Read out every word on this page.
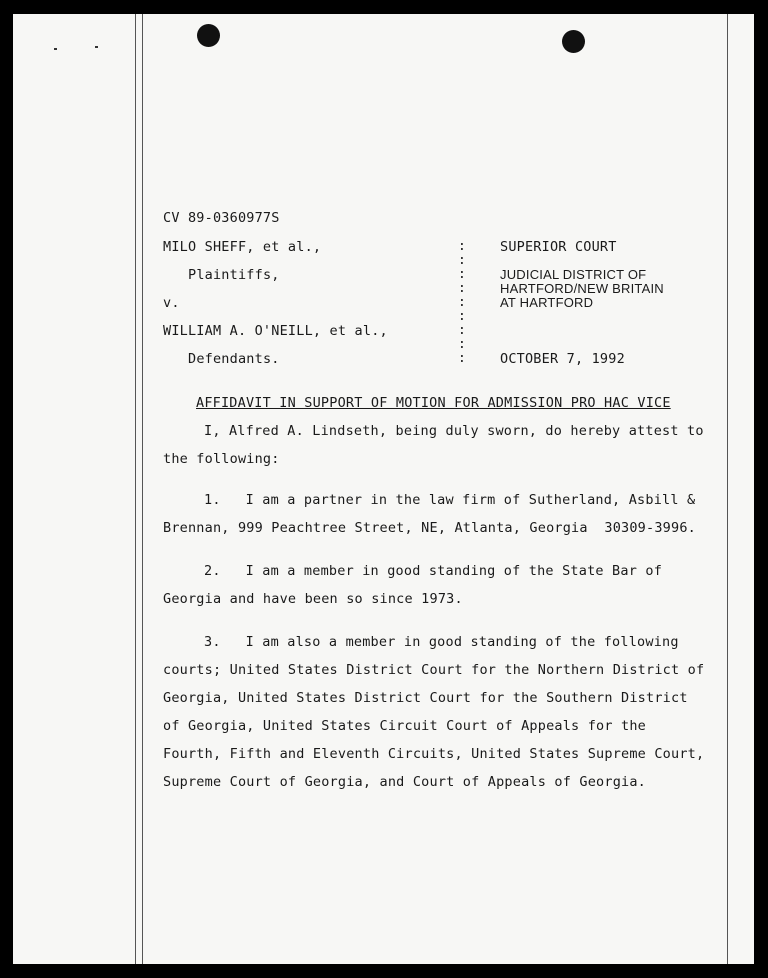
CV 89-0360977S
MILO SHEFF, et al.,
Plaintiffs,
v.
WILLIAM A. O'NEILL, et al.,
Defendants.
:
:
:
:
:
:
:
:
:
SUPERIOR COURT
JUDICIAL DISTRICT OF
HARTFORD/NEW BRITAIN
AT HARTFORD
OCTOBER 7, 1992
AFFIDAVIT IN SUPPORT OF MOTION FOR ADMISSION PRO HAC VICE
I, Alfred A. Lindseth, being duly sworn, do hereby attest to
the following:
1.   I am a partner in the law firm of Sutherland, Asbill &
Brennan, 999 Peachtree Street, NE, Atlanta, Georgia  30309-3996.
2.   I am a member in good standing of the State Bar of
Georgia and have been so since 1973.
3.   I am also a member in good standing of the following
courts; United States District Court for the Northern District of
Georgia, United States District Court for the Southern District
of Georgia, United States Circuit Court of Appeals for the
Fourth, Fifth and Eleventh Circuits, United States Supreme Court,
Supreme Court of Georgia, and Court of Appeals of Georgia.
